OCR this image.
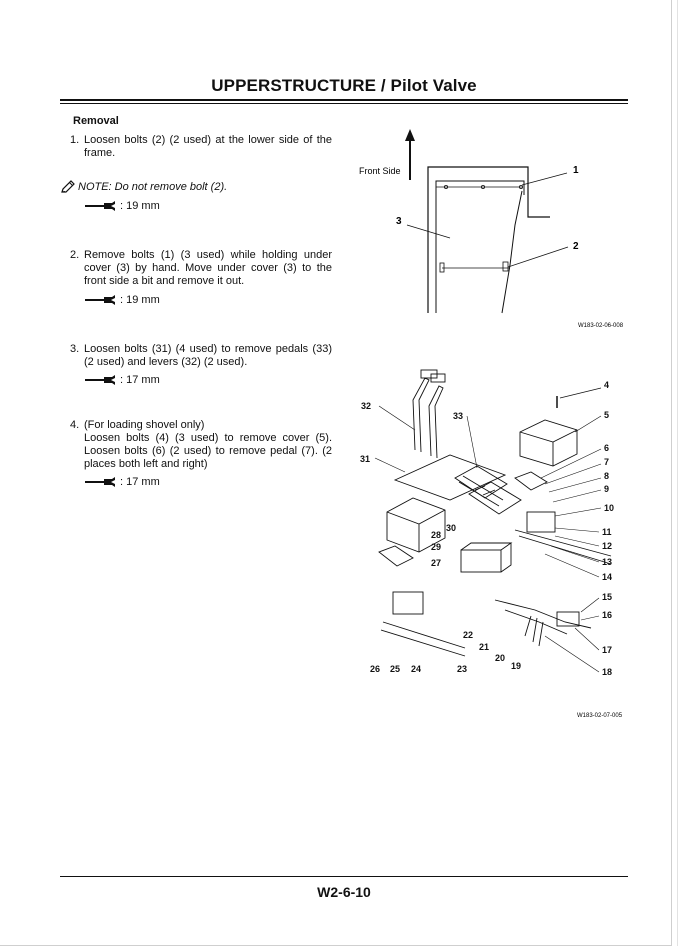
UPPERSTRUCTURE / Pilot Valve
Removal
1. Loosen bolts (2) (2 used) at the lower side of the frame.
NOTE: Do not remove bolt (2).
: 19 mm
2. Remove bolts (1) (3 used) while holding under cover (3) by hand. Move under cover (3) to the front side a bit and remove it out.
: 19 mm
3. Loosen bolts (31) (4 used) to remove pedals (33) (2 used) and levers (32) (2 used).
: 17 mm
4. (For loading shovel only)
Loosen bolts (4) (3 used) to remove cover (5). Loosen bolts (6) (2 used) to remove pedal (7). (2 places both left and right)
: 17 mm
Front Side	1
3
2
W183-02-06-008
32
33
31
4
5
6
7
8
9
10
11
12
13
14
15
16
17
18
19
20
21
22
23
24
25
26
27
28
29
30
W183-02-07-005
W2-6-10
